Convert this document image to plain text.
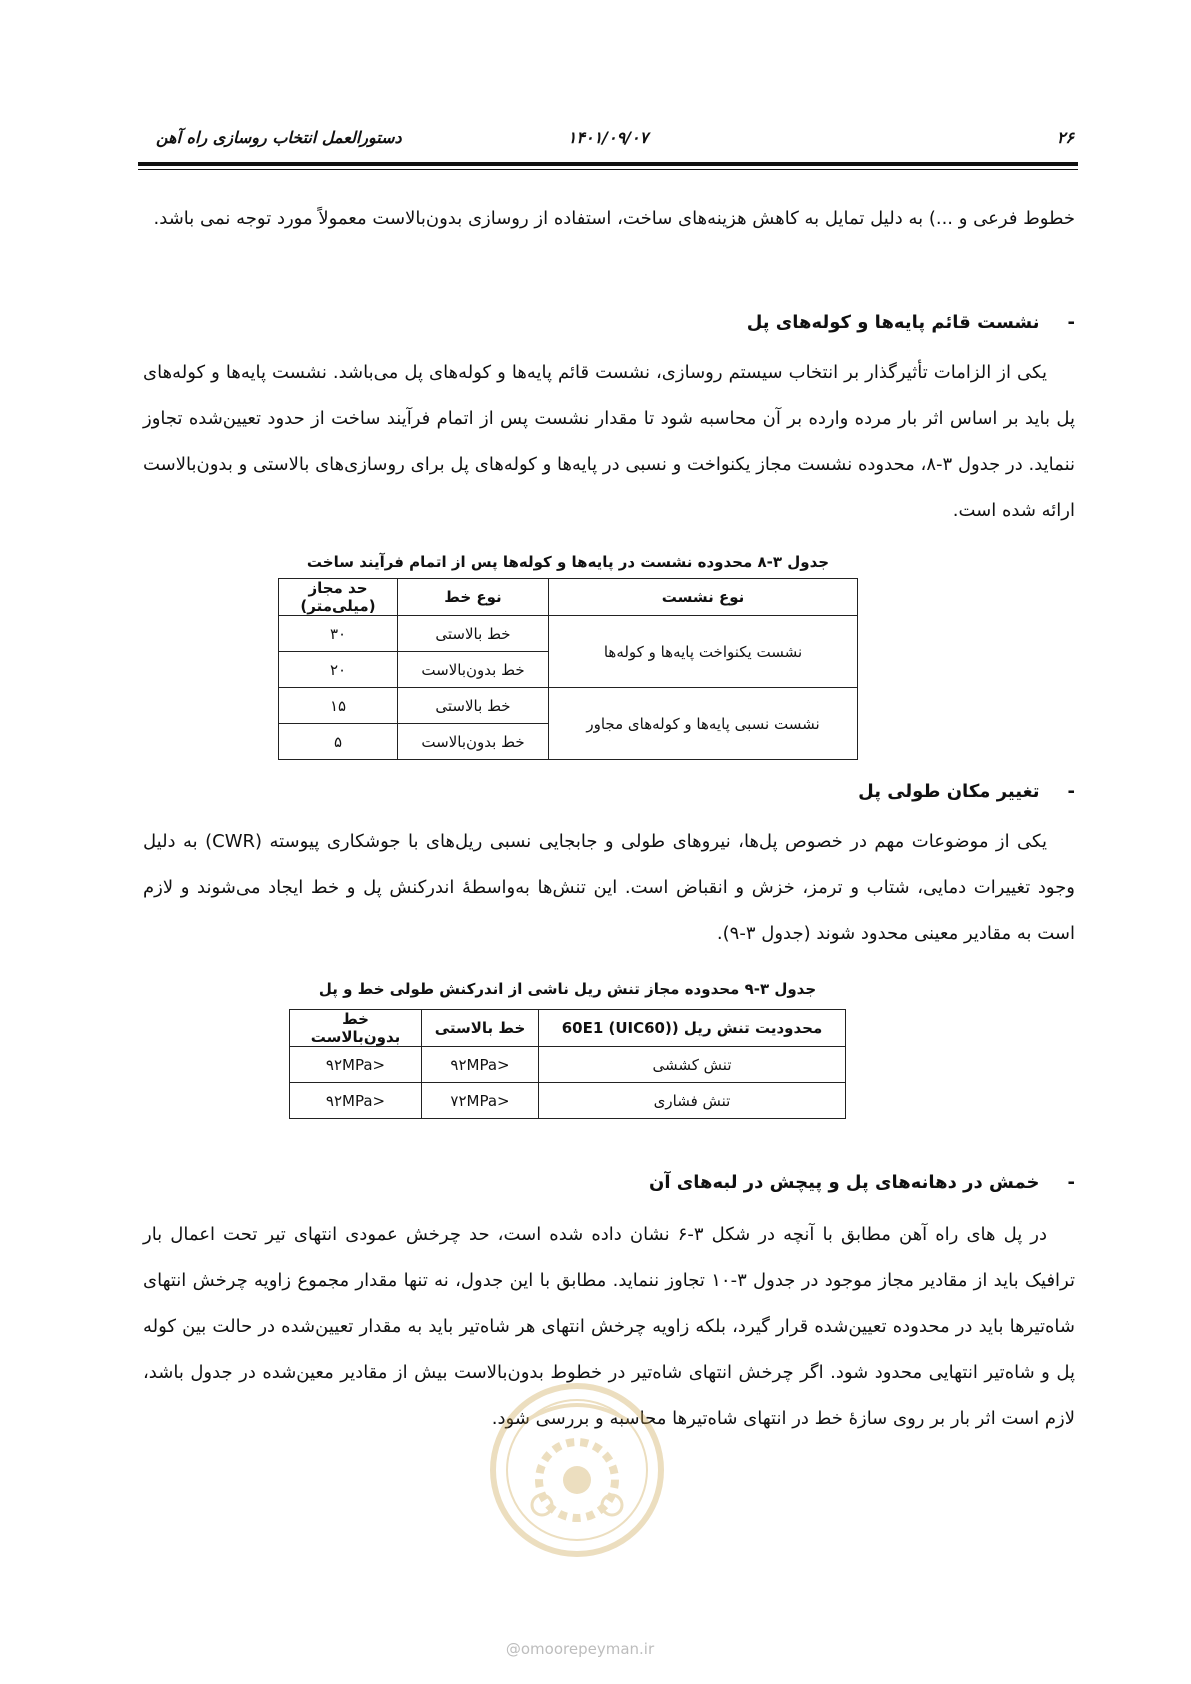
۲۶
۱۴۰۱/۰۹/۰۷
دستورالعمل انتخاب روسازی راه آهن
خطوط فرعی و ...) به دلیل تمایل به کاهش هزینه‌های ساخت، استفاده از روسازی بدون‌بالاست معمولاً مورد توجه نمی باشد.
-نشست قائم پایه‌ها و کوله‌های پل
یکی از الزامات تأثیرگذار بر انتخاب سیستم روسازی، نشست قائم پایه‌ها و کوله‌های پل می‌باشد. نشست پایه‌ها و کوله‌های پل باید بر اساس اثر بار مرده وارده بر آن محاسبه شود تا مقدار نشست پس از اتمام فرآیند ساخت از حدود تعیین‌شده تجاوز ننماید. در جدول ۳-۸، محدوده نشست مجاز یکنواخت و نسبی در پایه‌ها و کوله‌های پل برای روسازی‌های بالاستی و بدون‌بالاست ارائه شده است.
جدول ۳-۸ محدوده نشست در پایه‌ها و کوله‌ها پس از اتمام فرآیند ساخت
نوع نشست	نوع خط	حد مجاز (میلی‌متر)
نشست یکنواخت پایه‌ها و کوله‌ها	خط بالاستی	۳۰
	خط بدون‌بالاست	۲۰
نشست نسبی پایه‌ها و کوله‌های مجاور	خط بالاستی	۱۵
	خط بدون‌بالاست	۵
-تغییر مکان طولی پل
یکی از موضوعات مهم در خصوص پل‌ها، نیروهای طولی و جابجایی نسبی ریل‌های با جوشکاری پیوسته (CWR) به دلیل وجود تغییرات دمایی، شتاب و ترمز، خزش و انقباض است. این تنش‌ها به‌واسطهٔ اندرکنش پل و خط ایجاد می‌شوند و لازم است به مقادیر معینی محدود شوند (جدول ۳-۹).
جدول ۳-۹ محدوده مجاز تنش ریل ناشی از اندرکنش طولی خط و پل
محدودیت تنش ریل ((60E1 (UIC60	خط بالاستی	خط بدون‌بالاست
تنش کششی	<۹۲MPa	<۹۲MPa
تنش فشاری	<۷۲MPa	<۹۲MPa
-خمش در دهانه‌های پل و پیچش در لبه‌های آن
در پل های راه آهن مطابق با آنچه در شکل ۳-۶ نشان داده شده است، حد چرخش عمودی انتهای تیر تحت اعمال بار ترافیک باید از مقادیر مجاز موجود در جدول ۳-۱۰ تجاوز ننماید. مطابق با این جدول، نه تنها مقدار مجموع زاویه چرخش انتهای شاه‌تیرها باید در محدوده تعیین‌شده قرار گیرد، بلکه زاویه چرخش انتهای هر شاه‌تیر باید به مقدار تعیین‌شده در حالت بین کوله پل و شاه‌تیر انتهایی محدود شود. اگر چرخش انتهای شاه‌تیر در خطوط بدون‌بالاست بیش از مقادیر معین‌شده در جدول باشد، لازم است اثر بار بر روی سازهٔ خط در انتهای شاه‌تیرها محاسبه و بررسی شود.
@omoorepeyman.ir
